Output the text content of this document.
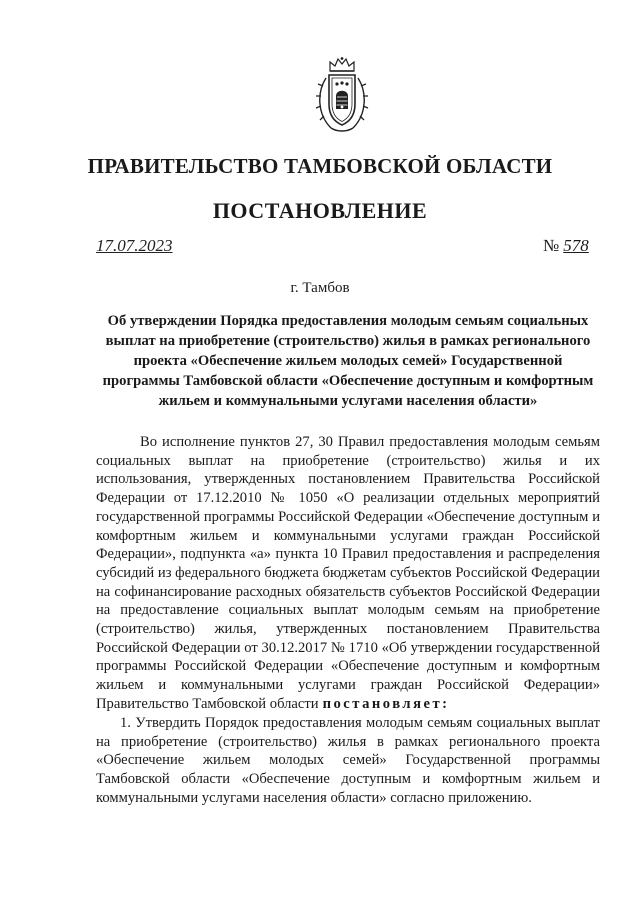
ПРАВИТЕЛЬСТВО ТАМБОВСКОЙ ОБЛАСТИ
ПОСТАНОВЛЕНИЕ
17.07.2023	№ 578
г. Тамбов
Об утверждении Порядка предоставления молодым семьям социальных выплат на приобретение (строительство) жилья в рамках регионального проекта «Обеспечение жильем молодых семей» Государственной программы Тамбовской области «Обеспечение доступным и комфортным жильем и коммунальными услугами населения области»
Во исполнение пунктов 27, 30 Правил предоставления молодым семьям социальных выплат на приобретение (строительство) жилья и их использования, утвержденных постановлением Правительства Российской Федерации от 17.12.2010 № 1050 «О реализации отдельных мероприятий государственной программы Российской Федерации «Обеспечение доступным и комфортным жильем и коммунальными услугами граждан Российской Федерации», подпункта «а» пункта 10 Правил предоставления и распределения субсидий из федерального бюджета бюджетам субъектов Российской Федерации на софинансирование расходных обязательств субъектов Российской Федерации на предоставление социальных выплат молодым семьям на приобретение (строительство) жилья, утвержденных постановлением Правительства Российской Федерации от 30.12.2017 № 1710 «Об утверждении государственной программы Российской Федерации «Обеспечение доступным и комфортным жильем и коммунальными услугами граждан Российской Федерации» Правительство Тамбовской области постановляет:
1. Утвердить Порядок предоставления молодым семьям социальных выплат на приобретение (строительство) жилья в рамках регионального проекта «Обеспечение жильем молодых семей» Государственной программы Тамбовской области «Обеспечение доступным и комфортным жильем и коммунальными услугами населения области» согласно приложению.
